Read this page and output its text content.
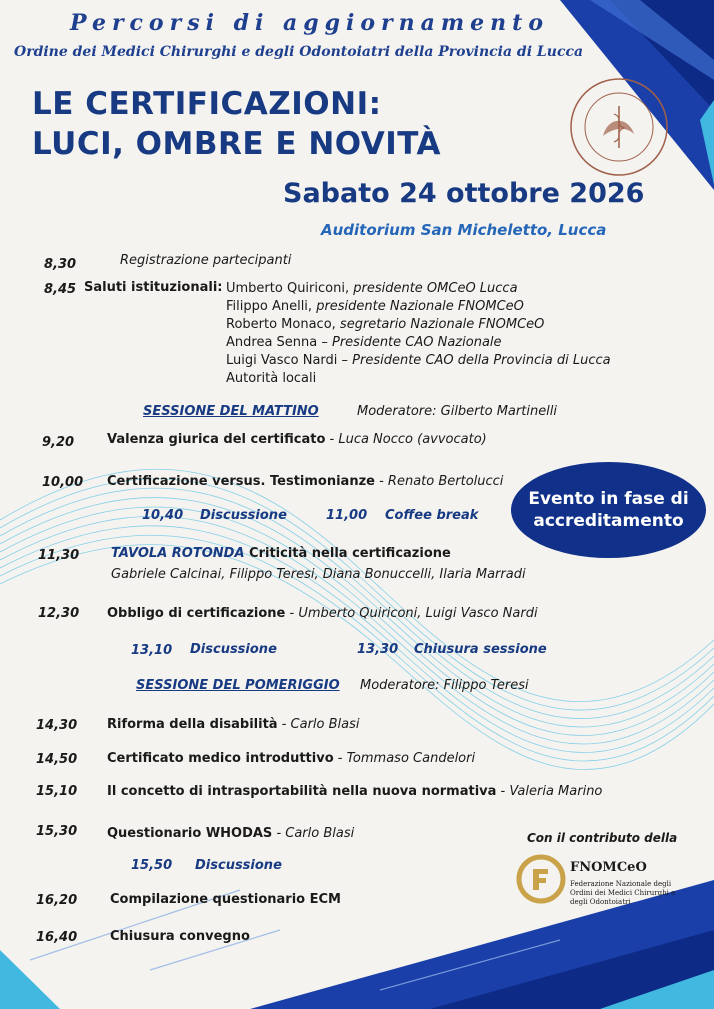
Percorsi di aggiornamento
Ordine dei Medici Chirurghi e degli Odontoiatri della Provincia di Lucca
LE CERTIFICAZIONI:
LUCI, OMBRE E NOVITÀ
Sabato 24 ottobre 2026
Auditorium San Micheletto, Lucca
8,30	Registrazione partecipanti
8,45 Saluti istituzionali: Umberto Quiriconi, presidente OMCeO Lucca
Filippo Anelli, presidente Nazionale FNOMCeO
Roberto Monaco, segretario Nazionale FNOMCeO
Andrea Senna – Presidente CAO Nazionale
Luigi Vasco Nardi – Presidente CAO della Provincia di Lucca
Autorità locali
SESSIONE DEL MATTINO	Moderatore: Gilberto Martinelli
9,20	Valenza giurica del certificato - Luca Nocco (avvocato)
10,00 Certificazione versus. Testimonianze - Renato Bertolucci
10,40 Discussione	11,00 Coffee break
Evento in fase di
accreditamento
11,30 TAVOLA ROTONDA Criticità nella certificazione
Gabriele Calcinai, Filippo Teresi, Diana Bonuccelli, Ilaria Marradi
12,30 Obbligo di certificazione - Umberto Quiriconi, Luigi Vasco Nardi
13,10 Discussione	13,30 Chiusura sessione
SESSIONE DEL POMERIGGIO Moderatore: Filippo Teresi
14,30 Riforma della disabilità - Carlo Blasi
14,50 Certificato medico introduttivo - Tommaso Candelori
15,10 Il concetto di intrasportabilità nella nuova normativa - Valeria Marino
15,30 Questionario WHODAS - Carlo Blasi
15,50 Discussione
16,20	Compilazione questionario ECM
16,40	Chiusura convegno
Con il contributo della
FNOMCeO
Federazione Nazionale degli Ordini dei Medici Chirurghi e degli Odontoiatri
